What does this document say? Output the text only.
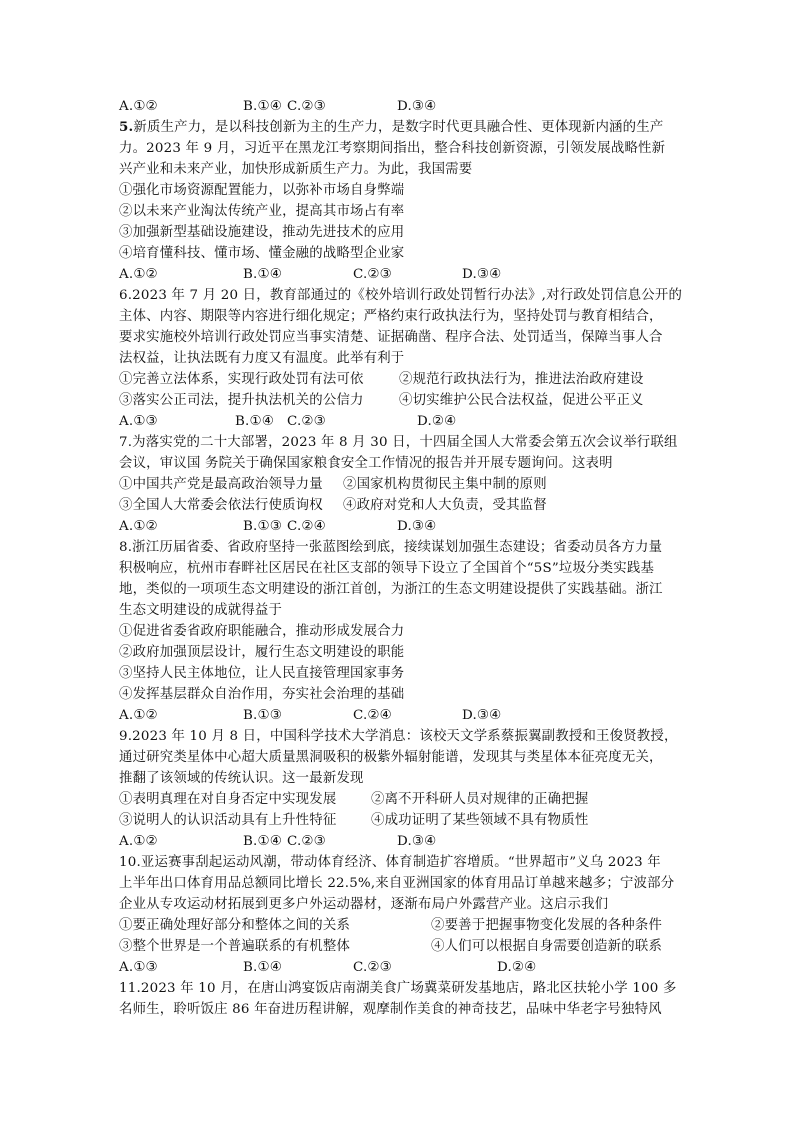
A.①②	B.①④ C.②③	D.③④
5.新质生产力，是以科技创新为主的生产力，是数字时代更具融合性、更体现新内涵的生产
力。2023 年 9 月，习近平在黑龙江考察期间指出，整合科技创新资源，引领发展战略性新
兴产业和未来产业，加快形成新质生产力。为此，我国需要
①强化市场资源配置能力，以弥补市场自身弊端
②以未来产业淘汰传统产业，提高其市场占有率
③加强新型基础设施建设，推动先进技术的应用
④培育懂科技、懂市场、懂金融的战略型企业家
A.①②	B.①④	C.②③	D.③④
6.2023 年 7 月 20 日，教育部通过的《校外培训行政处罚暂行办法》,对行政处罚信息公开的
主体、内容、期限等内容进行细化规定；严格约束行政执法行为，坚持处罚与教育相结合，
要求实施校外培训行政处罚应当事实清楚、证据确凿、程序合法、处罚适当，保障当事人合
法权益，让执法既有力度又有温度。此举有利于
①完善立法体系，实现行政处罚有法可依	②规范行政执法行为，推进法治政府建设
③落实公正司法，提升执法机关的公信力	④切实维护公民合法权益，促进公平正义
A.①③	B.①④ C.②③	D.②④
7.为落实党的二十大部署，2023 年 8 月 30 日，十四届全国人大常委会第五次会议举行联组
会议，审议国 务院关于确保国家粮食安全工作情况的报告并开展专题询问。这表明
①中国共产党是最高政治领导力量 ②国家机构贯彻民主集中制的原则
③全国人大常委会依法行使质询权 ④政府对党和人大负责，受其监督
A.①②	B.①③ C.②④	D.③④
8.浙江历届省委、省政府坚持一张蓝图绘到底，接续谋划加强生态建设；省委动员各方力量
积极响应，杭州市春畔社区居民在社区支部的领导下设立了全国首个“5S”垃圾分类实践基
地，类似的一项项生态文明建设的浙江首创，为浙江的生态文明建设提供了实践基础。浙江
生态文明建设的成就得益于
①促进省委省政府职能融合，推动形成发展合力
②政府加强顶层设计，履行生态文明建设的职能
③坚持人民主体地位，让人民直接管理国家事务
④发挥基层群众自治作用，夯实社会治理的基础
A.①②	B.①③	C.②④	D.③④
9.2023 年 10 月 8 日，中国科学技术大学消息：该校天文学系蔡振翼副教授和王俊贤教授，
通过研究类星体中心超大质量黑洞吸积的极紫外辐射能谱，发现其与类星体本征亮度无关，
推翻了该领域的传统认识。这一最新发现
①表明真理在对自身否定中实现发展	②离不开科研人员对规律的正确把握
③说明人的认识活动具有上升性特征	④成功证明了某些领域不具有物质性
A.①②	B.①④ C.②③	D.③④
10.亚运赛事刮起运动风潮，带动体育经济、体育制造扩容增质。“世界超市”义乌 2023 年
上半年出口体育用品总额同比增长 22.5%,来自亚洲国家的体育用品订单越来越多；宁波部分
企业从专攻运动材拓展到更多户外运动器材，逐渐布局户外露营产业。这启示我们
①要正确处理好部分和整体之间的关系	②要善于把握事物变化发展的各种条件
③整个世界是一个普遍联系的有机整体	④人们可以根据自身需要创造新的联系
A.①③	B.①④	C.②③	D.②④
11.2023 年 10 月，在唐山鸿宴饭店南湖美食广场冀菜研发基地店，路北区扶轮小学 100 多
名师生，聆听饭庄 86 年奋进历程讲解，观摩制作美食的神奇技艺，品味中华老字号独特风
